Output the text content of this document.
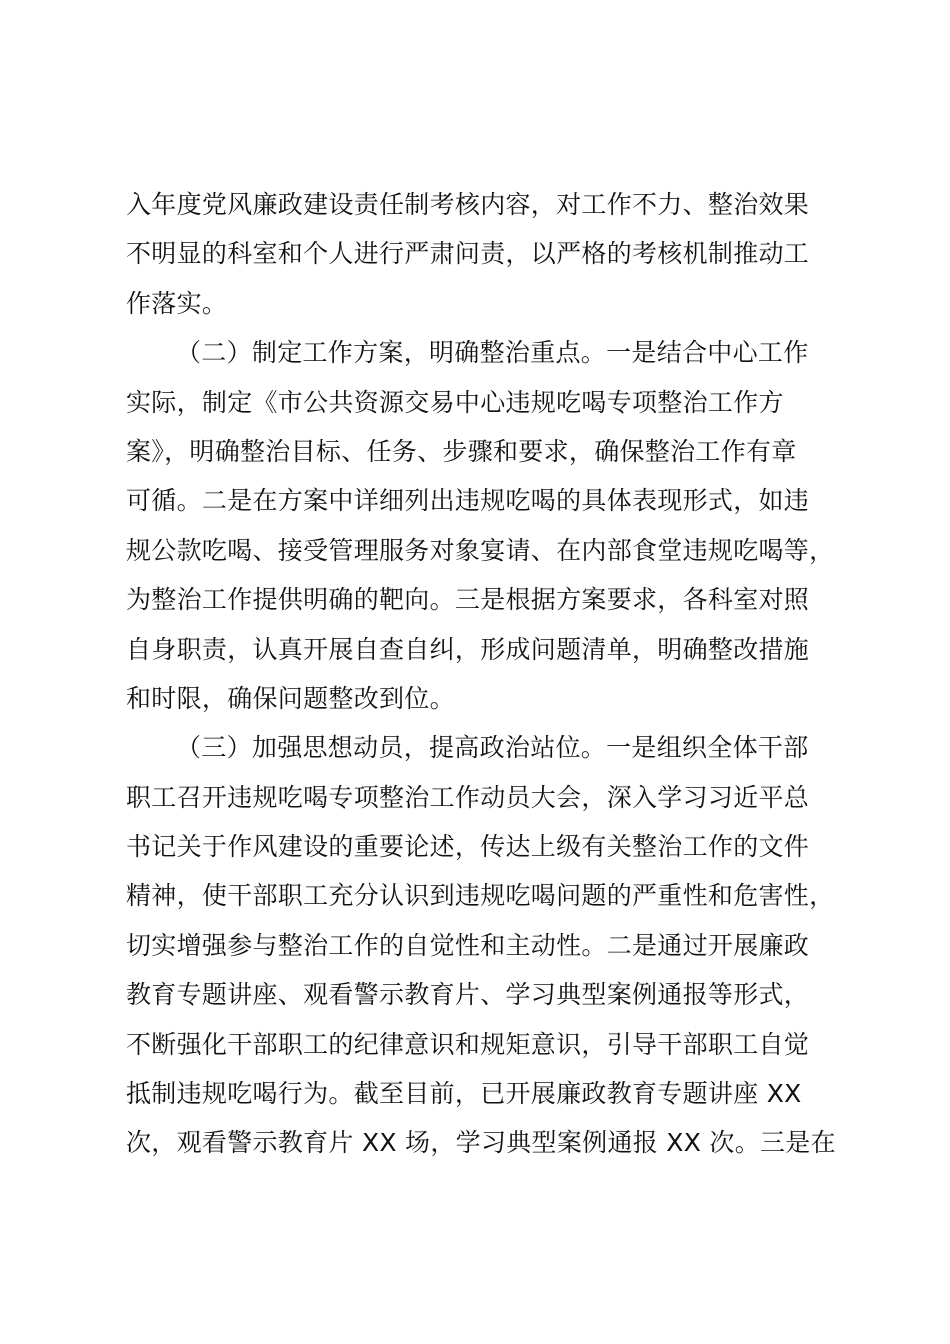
入年度党风廉政建设责任制考核内容，对工作不力、整治效果
不明显的科室和个人进行严肃问责，以严格的考核机制推动工
作落实。
（二）制定工作方案，明确整治重点。一是结合中心工作
实际，制定《市公共资源交易中心违规吃喝专项整治工作方
案》，明确整治目标、任务、步骤和要求，确保整治工作有章
可循。二是在方案中详细列出违规吃喝的具体表现形式，如违
规公款吃喝、接受管理服务对象宴请、在内部食堂违规吃喝等，
为整治工作提供明确的靶向。三是根据方案要求，各科室对照
自身职责，认真开展自查自纠，形成问题清单，明确整改措施
和时限，确保问题整改到位。
（三）加强思想动员，提高政治站位。一是组织全体干部
职工召开违规吃喝专项整治工作动员大会，深入学习习近平总
书记关于作风建设的重要论述，传达上级有关整治工作的文件
精神，使干部职工充分认识到违规吃喝问题的严重性和危害性，
切实增强参与整治工作的自觉性和主动性。二是通过开展廉政
教育专题讲座、观看警示教育片、学习典型案例通报等形式，
不断强化干部职工的纪律意识和规矩意识，引导干部职工自觉
抵制违规吃喝行为。截至目前，已开展廉政教育专题讲座 XX
次，观看警示教育片 XX 场，学习典型案例通报 XX 次。三是在
